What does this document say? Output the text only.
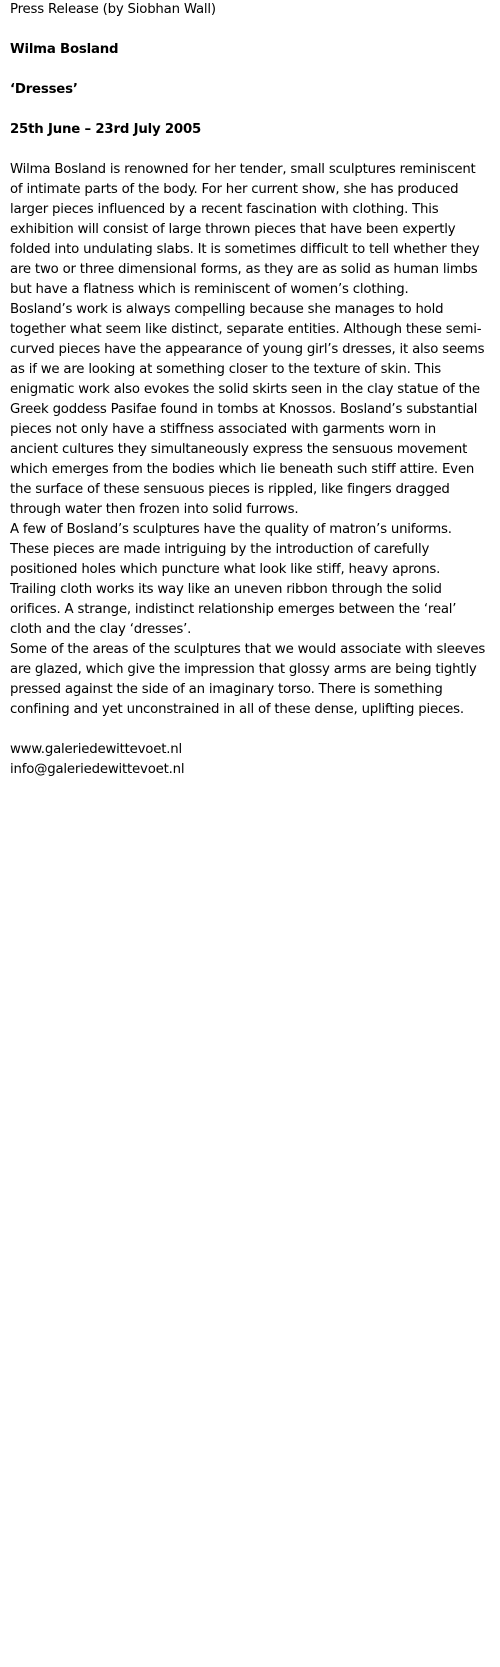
Press Release (by Siobhan Wall)

Wilma Bosland

‘Dresses’

25th June – 23rd July 2005

Wilma Bosland is renowned for her tender, small sculptures reminiscent of intimate parts of the body. For her current show, she has produced larger pieces influenced by a recent fascination with clothing. This exhibition will consist of large thrown pieces that have been expertly folded into undulating slabs. It is sometimes difficult to tell whether they are two or three dimensional forms, as they are as solid as human limbs but have a flatness which is reminiscent of women’s clothing.

Bosland’s work is always compelling because she manages to hold together what seem like distinct, separate entities. Although these semi-curved pieces have the appearance of young girl’s dresses, it also seems as if we are looking at something closer to the texture of skin. This enigmatic work also evokes the solid skirts seen in the clay statue of the Greek goddess Pasifae found in tombs at Knossos. Bosland’s substantial pieces not only have a stiffness associated with garments worn in ancient cultures they simultaneously express the sensuous movement which emerges from the bodies which lie beneath such stiff attire. Even the surface of these sensuous pieces is rippled, like fingers dragged through water then frozen into solid furrows.

A few of Bosland’s sculptures have the quality of matron’s uniforms. These pieces are made intriguing by the introduction of carefully positioned holes which puncture what look like stiff, heavy aprons. Trailing cloth works its way like an uneven ribbon through the solid orifices. A strange, indistinct relationship emerges between the ‘real’ cloth and the clay ‘dresses’.

Some of the areas of the sculptures that we would associate with sleeves are glazed, which give the impression that glossy arms are being tightly pressed against the side of an imaginary torso. There is something confining and yet unconstrained in all of these dense, uplifting pieces.

www.galeriedewittevoet.nl

info@galeriedewittevoet.nl
